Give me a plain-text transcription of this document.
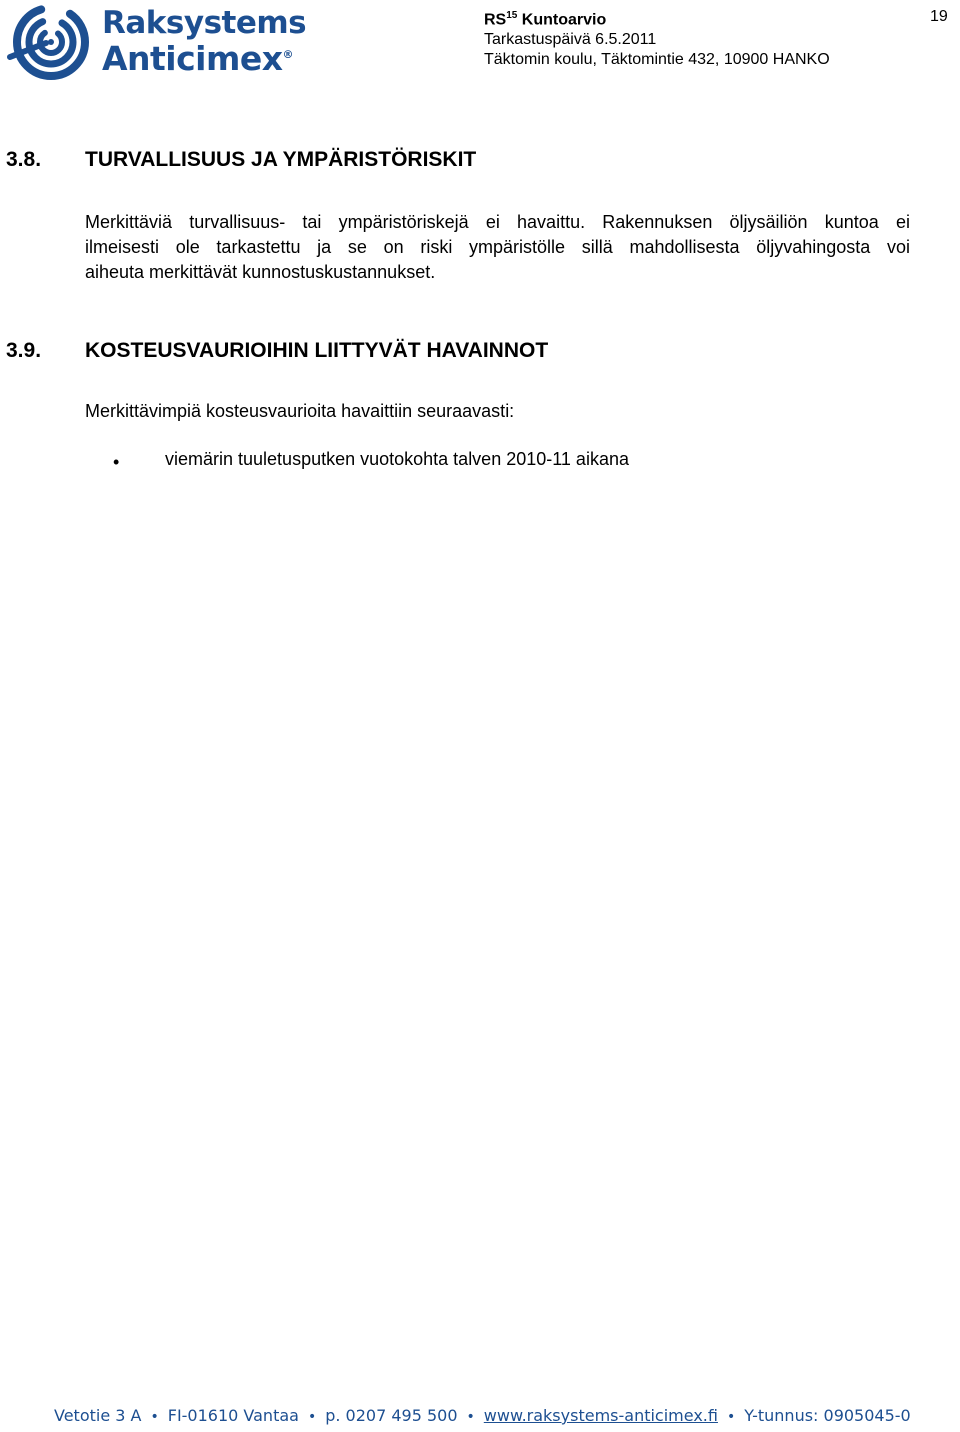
Raksystems
Anticimex®
RS$^{15}$ Kuntoarvio
Tarkastuspäivä 6.5.2011
Täktomin koulu, Täktomintie 432, 10900 HANKO
19
3.8. TURVALLISUUS JA YMPÄRISTÖRISKIT
Merkittäviä turvallisuus- tai ympäristöriskejä ei havaittu. Rakennuksen öljysäiliön kuntoa ei
ilmeisesti ole tarkastettu ja se on riski ympäristölle sillä mahdollisesta öljyvahingosta voi
aiheuta merkittävät kunnostuskustannukset.
3.9. KOSTEUSVAURIOIHIN LIITTYVÄT HAVAINNOT
Merkittävimpiä kosteusvaurioita havaittiin seuraavasti:
•	viemärin tuuletusputken vuotokohta talven 2010-11 aikana
Vetotie 3 A • FI-01610 Vantaa • p. 0207 495 500 • www.raksystems-anticimex.fi • Y-tunnus: 0905045-0
